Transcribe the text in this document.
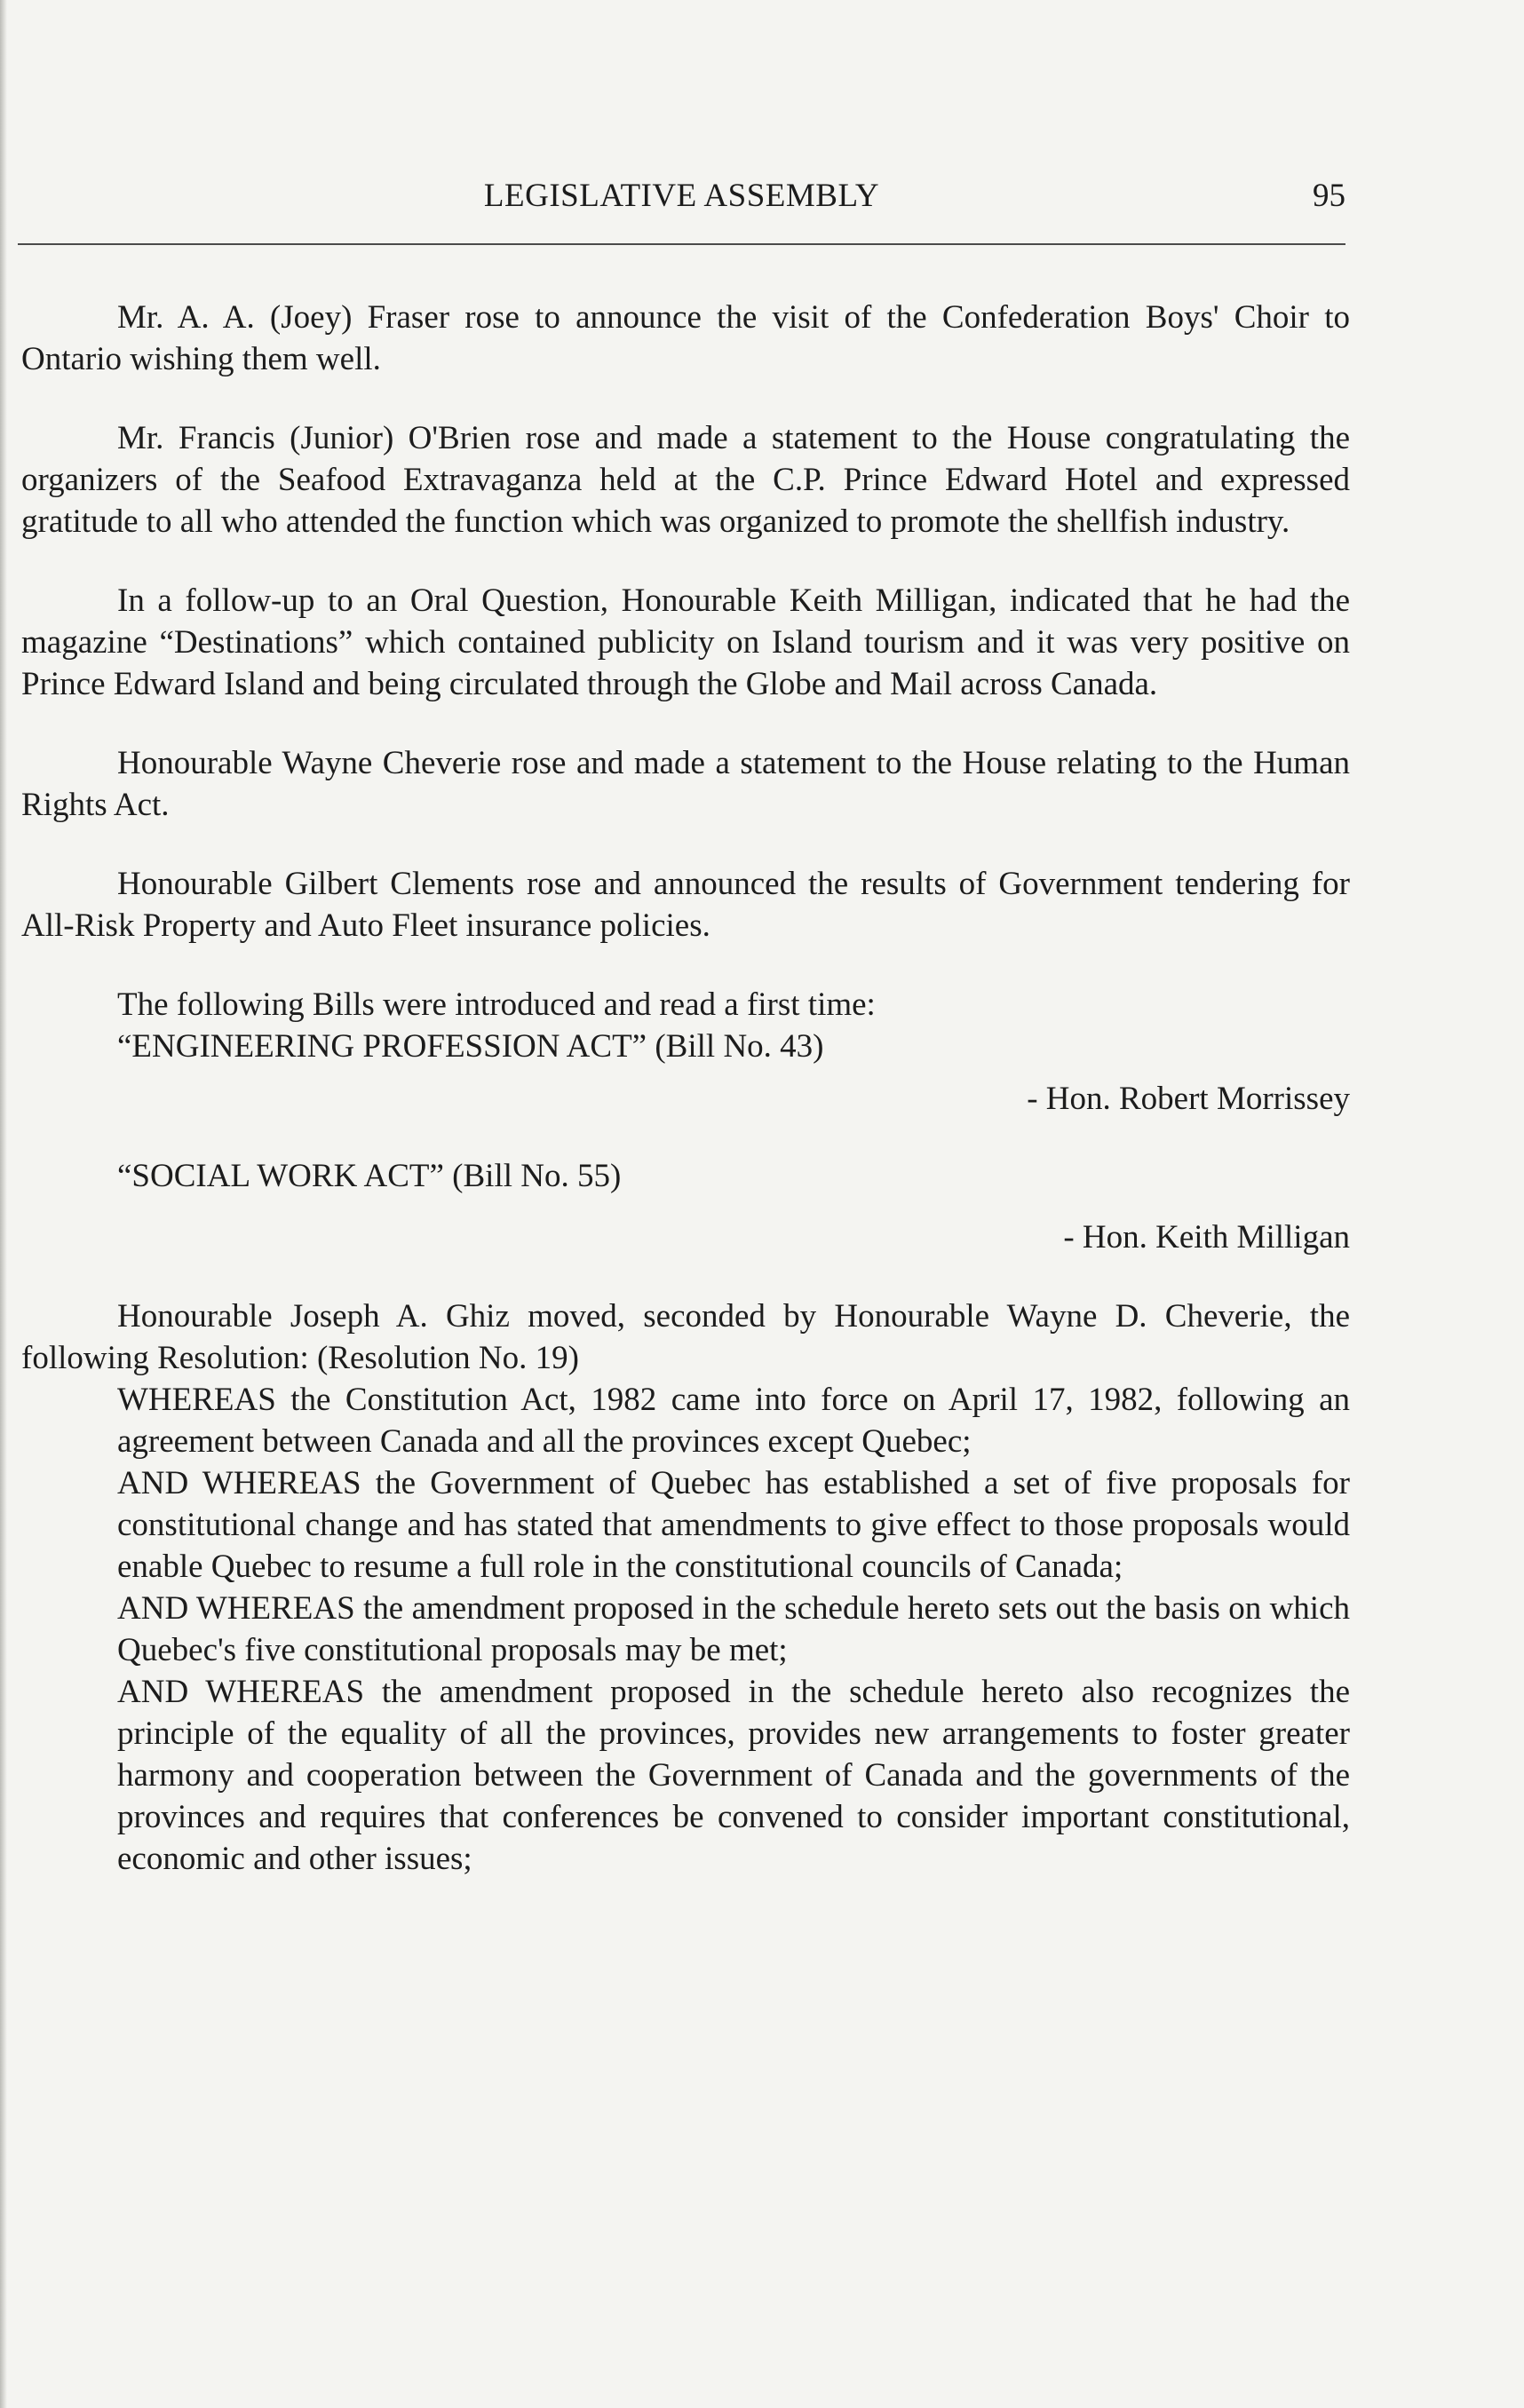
LEGISLATIVE ASSEMBLY	95

Mr. A. A. (Joey) Fraser rose to announce the visit of the Confederation Boys' Choir to Ontario wishing them well.

Mr. Francis (Junior) O'Brien rose and made a statement to the House congratulating the organizers of the Seafood Extravaganza held at the C.P. Prince Edward Hotel and expressed gratitude to all who attended the function which was organized to promote the shellfish industry.

In a follow-up to an Oral Question, Honourable Keith Milligan, indicated that he had the magazine “Destinations” which contained publicity on Island tourism and it was very positive on Prince Edward Island and being circulated through the Globe and Mail across Canada.

Honourable Wayne Cheverie rose and made a statement to the House relating to the Human Rights Act.

Honourable Gilbert Clements rose and announced the results of Government tendering for All-Risk Property and Auto Fleet insurance policies.

The following Bills were introduced and read a first time:

“ENGINEERING PROFESSION ACT” (Bill No. 43)

- Hon. Robert Morrissey

“SOCIAL WORK ACT” (Bill No. 55)

- Hon. Keith Milligan

Honourable Joseph A. Ghiz moved, seconded by Honourable Wayne D. Cheverie, the following Resolution: (Resolution No. 19)

WHEREAS the Constitution Act, 1982 came into force on April 17, 1982, following an agreement between Canada and all the provinces except Quebec;

AND WHEREAS the Government of Quebec has established a set of five proposals for constitutional change and has stated that amendments to give effect to those proposals would enable Quebec to resume a full role in the constitutional councils of Canada;

AND WHEREAS the amendment proposed in the schedule hereto sets out the basis on which Quebec's five constitutional proposals may be met;

AND WHEREAS the amendment proposed in the schedule hereto also recognizes the principle of the equality of all the provinces, provides new arrangements to foster greater harmony and cooperation between the Government of Canada and the governments of the provinces and requires that conferences be convened to consider important constitutional, economic and other issues;
